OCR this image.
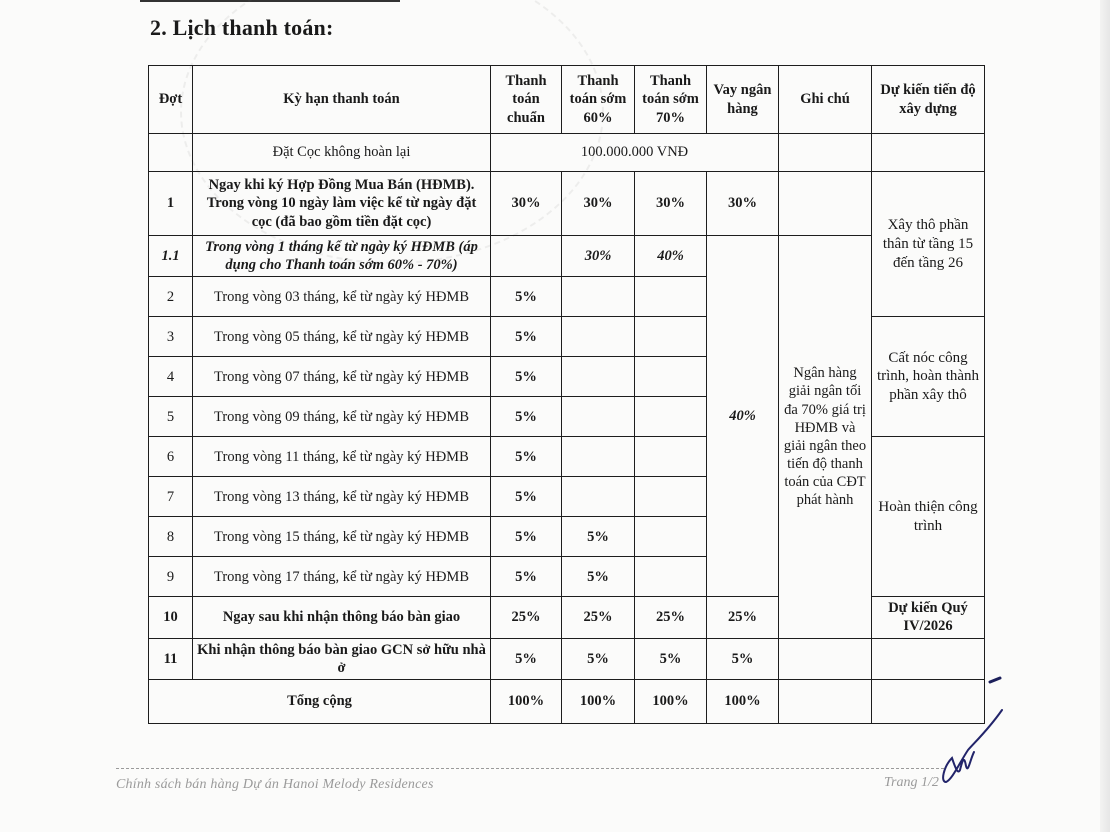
2. Lịch thanh toán:
Đợt	Kỳ hạn thanh toán	Thanh toán chuẩn	Thanh toán sớm 60%	Thanh toán sớm 70%	Vay ngân hàng	Ghi chú	Dự kiến tiến độ xây dựng
	Đặt Cọc không hoàn lại	100.000.000 VNĐ					
1	Ngay khi ký Hợp Đồng Mua Bán (HĐMB). Trong vòng 10 ngày làm việc kể từ ngày đặt cọc (đã bao gồm tiền đặt cọc)	30%	30%	30%	30%		Xây thô phần thân từ tầng 15 đến tầng 26
1.1	Trong vòng 1 tháng kể từ ngày ký HĐMB (áp dụng cho Thanh toán sớm 60% - 70%)		30%	40%	40%	Ngân hàng giải ngân tối đa 70% giá trị HĐMB và giải ngân theo tiến độ thanh toán của CĐT phát hành	
2	Trong vòng 03 tháng, kể từ ngày ký HĐMB	5%					
3	Trong vòng 05 tháng, kể từ ngày ký HĐMB	5%					Cất nóc công trình, hoàn thành phần xây thô
4	Trong vòng 07 tháng, kể từ ngày ký HĐMB	5%					
5	Trong vòng 09 tháng, kể từ ngày ký HĐMB	5%					
6	Trong vòng 11 tháng, kể từ ngày ký HĐMB	5%					Hoàn thiện công trình
7	Trong vòng 13 tháng, kể từ ngày ký HĐMB	5%					
8	Trong vòng 15 tháng, kể từ ngày ký HĐMB	5%	5%				
9	Trong vòng 17 tháng, kể từ ngày ký HĐMB	5%	5%				
10	Ngay sau khi nhận thông báo bàn giao	25%	25%	25%	25%		Dự kiến Quý IV/2026
11	Khi nhận thông báo bàn giao GCN sở hữu nhà ở	5%	5%	5%	5%		
Tổng cộng		100%	100%	100%	100%		
Chính sách bán hàng Dự án Hanoi Melody Residences	Trang 1/2
